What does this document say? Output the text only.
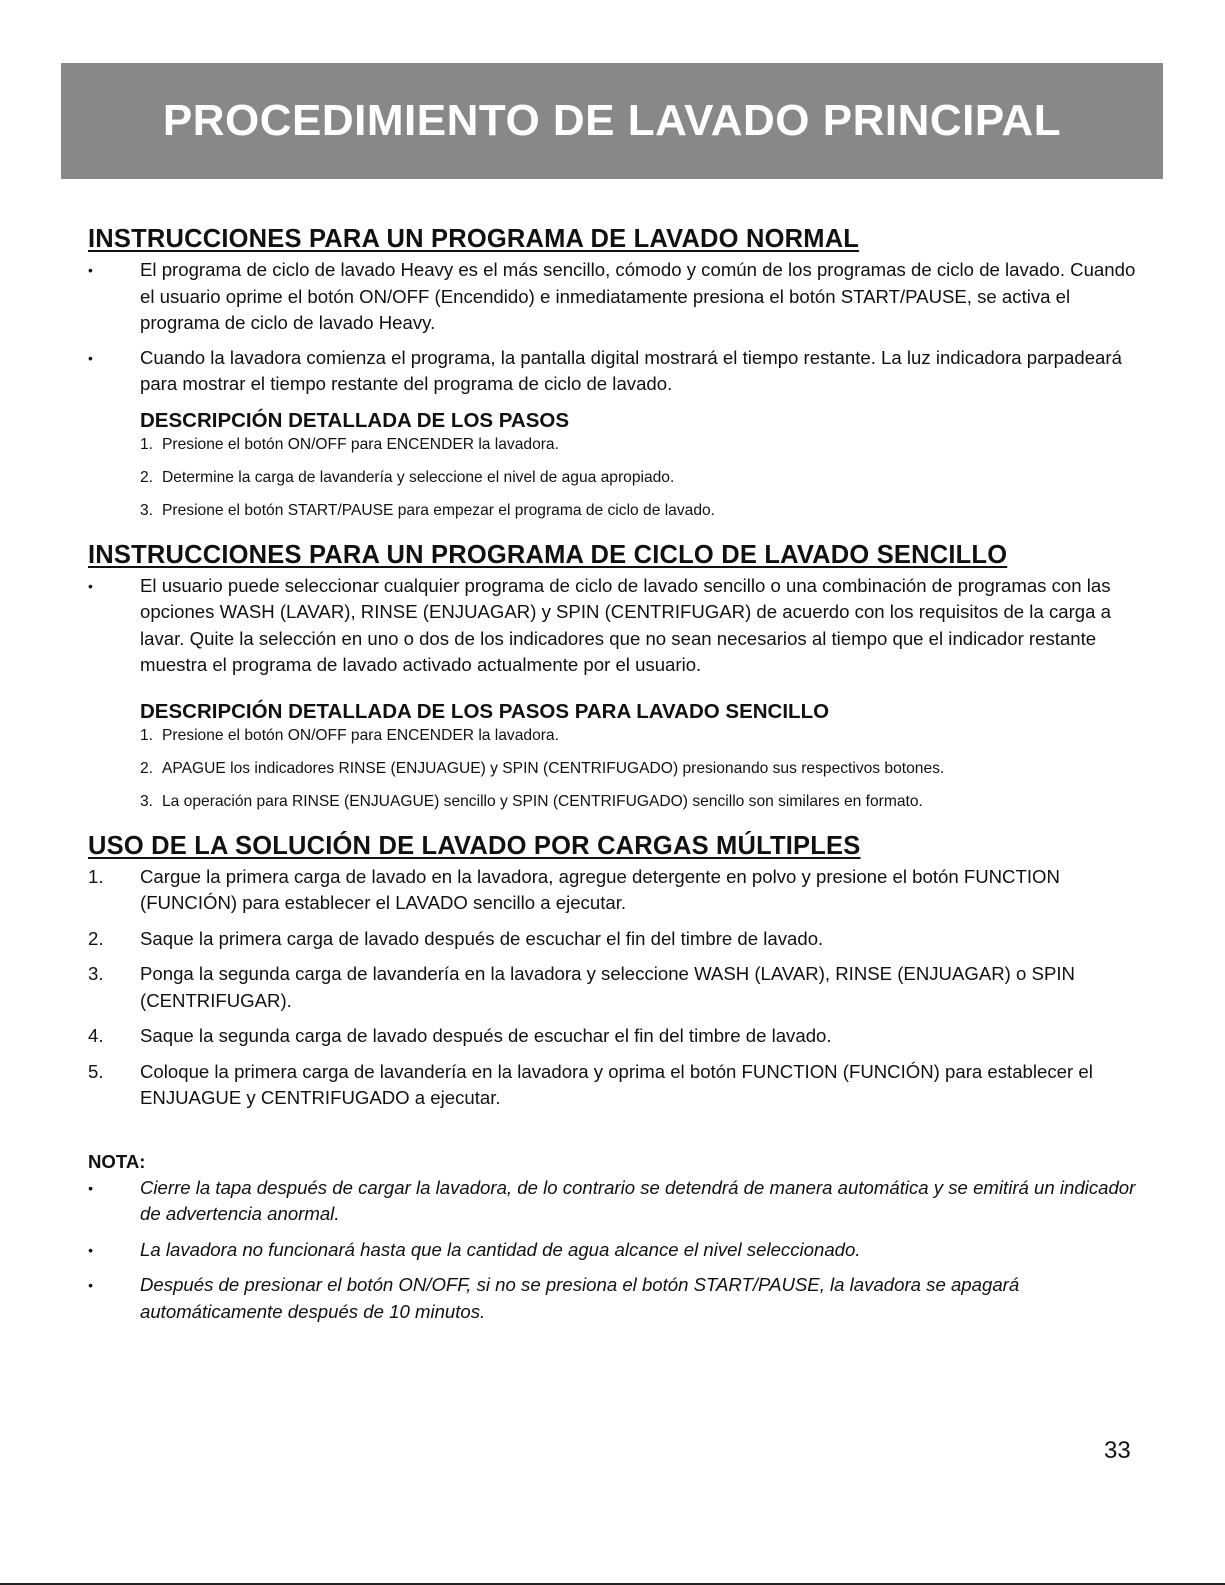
PROCEDIMIENTO DE LAVADO PRINCIPAL
INSTRUCCIONES PARA UN PROGRAMA DE LAVADO NORMAL
• El programa de ciclo de lavado Heavy es el más sencillo, cómodo y común de los programas de ciclo de lavado. Cuando el usuario oprime el botón ON/OFF (Encendido) e inmediatamente presiona el botón START/PAUSE, se activa el programa de ciclo de lavado Heavy.
• Cuando la lavadora comienza el programa, la pantalla digital mostrará el tiempo restante. La luz indicadora parpadeará para mostrar el tiempo restante del programa de ciclo de lavado.
DESCRIPCIÓN DETALLADA DE LOS PASOS
1. Presione el botón ON/OFF para ENCENDER la lavadora.
2. Determine la carga de lavandería y seleccione el nivel de agua apropiado.
3. Presione el botón START/PAUSE para empezar el programa de ciclo de lavado.
INSTRUCCIONES PARA UN PROGRAMA DE CICLO DE LAVADO SENCILLO
• El usuario puede seleccionar cualquier programa de ciclo de lavado sencillo o una combinación de programas con las opciones WASH (LAVAR), RINSE (ENJUAGAR) y SPIN (CENTRIFUGAR) de acuerdo con los requisitos de la carga a lavar. Quite la selección en uno o dos de los indicadores que no sean necesarios al tiempo que el indicador restante muestra el programa de lavado activado actualmente por el usuario.
DESCRIPCIÓN DETALLADA DE LOS PASOS PARA LAVADO SENCILLO
1. Presione el botón ON/OFF para ENCENDER la lavadora.
2. APAGUE los indicadores RINSE (ENJUAGUE) y SPIN (CENTRIFUGADO) presionando sus respectivos botones.
3. La operación para RINSE (ENJUAGUE) sencillo y SPIN (CENTRIFUGADO) sencillo son similares en formato.
USO DE LA SOLUCIÓN DE LAVADO POR CARGAS MÚLTIPLES
1. Cargue la primera carga de lavado en la lavadora, agregue detergente en polvo y presione el botón FUNCTION (FUNCIÓN) para establecer el LAVADO sencillo a ejecutar.
2. Saque la primera carga de lavado después de escuchar el fin del timbre de lavado.
3. Ponga la segunda carga de lavandería en la lavadora y seleccione WASH (LAVAR), RINSE (ENJUAGAR) o SPIN (CENTRIFUGAR).
4. Saque la segunda carga de lavado después de escuchar el fin del timbre de lavado.
5. Coloque la primera carga de lavandería en la lavadora y oprima el botón FUNCTION (FUNCIÓN) para establecer el ENJUAGUE y CENTRIFUGADO a ejecutar.
NOTA:
• Cierre la tapa después de cargar la lavadora, de lo contrario se detendrá de manera automática y se emitirá un indicador de advertencia anormal.
• La lavadora no funcionará hasta que la cantidad de agua alcance el nivel seleccionado.
• Después de presionar el botón ON/OFF, si no se presiona el botón START/PAUSE, la lavadora se apagará automáticamente después de 10 minutos.
33
